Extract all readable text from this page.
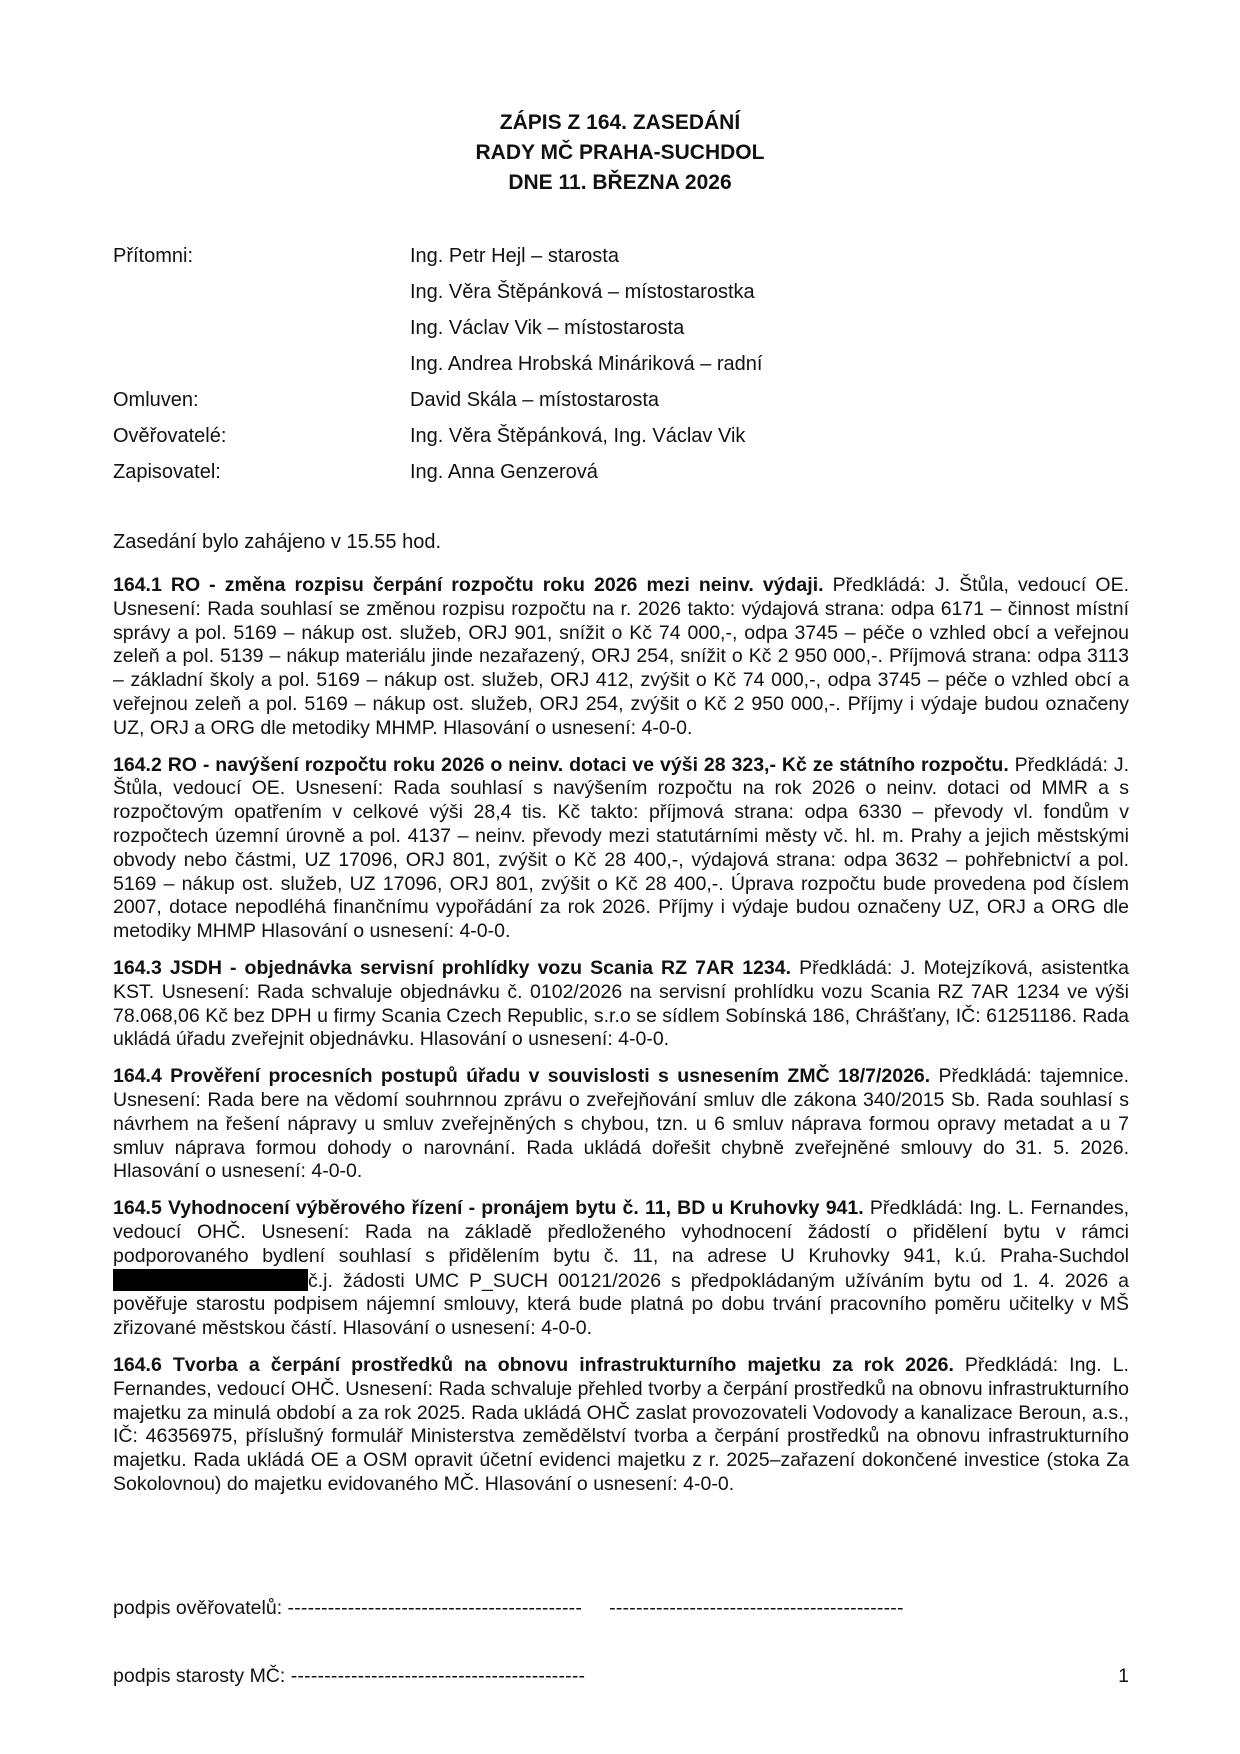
ZÁPIS Z 164. ZASEDÁNÍ
RADY MČ PRAHA-SUCHDOL
DNE 11. BŘEZNA 2026
Přítomni:	Ing. Petr Hejl – starosta
Ing. Věra Štěpánková – místostarostka
Ing. Václav Vik – místostarosta
Ing. Andrea Hrobská Mináriková – radní
Omluven:	David Skála – místostarosta
Ověřovatelé:	Ing. Věra Štěpánková, Ing. Václav Vik
Zapisovatel:	Ing. Anna Genzerová
Zasedání bylo zahájeno v 15.55 hod.

164.1 RO - změna rozpisu čerpání rozpočtu roku 2026 mezi neinv. výdaji. Předkládá: J. Štůla, vedoucí OE. Usnesení: Rada souhlasí se změnou rozpisu rozpočtu na r. 2026 takto: výdajová strana: odpa 6171 – činnost místní správy a pol. 5169 – nákup ost. služeb, ORJ 901, snížit o Kč 74 000,-, odpa 3745 – péče o vzhled obcí a veřejnou zeleň a pol. 5139 – nákup materiálu jinde nezařazený, ORJ 254, snížit o Kč 2 950 000,-. Příjmová strana: odpa 3113 – základní školy a pol. 5169 – nákup ost. služeb, ORJ 412, zvýšit o Kč 74 000,-, odpa 3745 – péče o vzhled obcí a veřejnou zeleň a pol. 5169 – nákup ost. služeb, ORJ 254, zvýšit o Kč 2 950 000,-. Příjmy i výdaje budou označeny UZ, ORJ a ORG dle metodiky MHMP. Hlasování o usnesení: 4-0-0.

164.2 RO - navýšení rozpočtu roku 2026 o neinv. dotaci ve výši 28 323,- Kč ze státního rozpočtu. Předkládá: J. Štůla, vedoucí OE. Usnesení: Rada souhlasí s navýšením rozpočtu na rok 2026 o neinv. dotaci od MMR a s rozpočtovým opatřením v celkové výši 28,4 tis. Kč takto: příjmová strana: odpa 6330 – převody vl. fondům v rozpočtech územní úrovně a pol. 4137 – neinv. převody mezi statutárními městy vč. hl. m. Prahy a jejich městskými obvody nebo částmi, UZ 17096, ORJ 801, zvýšit o Kč 28 400,-, výdajová strana: odpa 3632 – pohřebnictví a pol. 5169 – nákup ost. služeb, UZ 17096, ORJ 801, zvýšit o Kč 28 400,-. Úprava rozpočtu bude provedena pod číslem 2007, dotace nepodléhá finančnímu vypořádání za rok 2026. Příjmy i výdaje budou označeny UZ, ORJ a ORG dle metodiky MHMP Hlasování o usnesení: 4-0-0.

164.3 JSDH - objednávka servisní prohlídky vozu Scania RZ 7AR 1234. Předkládá: J. Motejzíková, asistentka KST. Usnesení: Rada schvaluje objednávku č. 0102/2026 na servisní prohlídku vozu Scania RZ 7AR 1234 ve výši 78.068,06 Kč bez DPH u firmy Scania Czech Republic, s.r.o se sídlem Sobínská 186, Chrášťany, IČ: 61251186. Rada ukládá úřadu zveřejnit objednávku. Hlasování o usnesení: 4-0-0.

164.4 Prověření procesních postupů úřadu v souvislosti s usnesením ZMČ 18/7/2026. Předkládá: tajemnice. Usnesení: Rada bere na vědomí souhrnnou zprávu o zveřejňování smluv dle zákona 340/2015 Sb. Rada souhlasí s návrhem na řešení nápravy u smluv zveřejněných s chybou, tzn. u 6 smluv náprava formou opravy metadat a u 7 smluv náprava formou dohody o narovnání. Rada ukládá dořešit chybně zveřejněné smlouvy do 31. 5. 2026. Hlasování o usnesení: 4-0-0.

164.5 Vyhodnocení výběrového řízení - pronájem bytu č. 11, BD u Kruhovky 941. Předkládá: Ing. L. Fernandes, vedoucí OHČ. Usnesení: Rada na základě předloženého vyhodnocení žádostí o přidělení bytu v rámci podporovaného bydlení souhlasí s přidělením bytu č. 11, na adrese U Kruhovky 941, k.ú. Praha-Suchdol č.j. žádosti UMC P_SUCH 00121/2026 s předpokládaným užíváním bytu od 1. 4. 2026 a pověřuje starostu podpisem nájemní smlouvy, která bude platná po dobu trvání pracovního poměru učitelky v MŠ zřizované městskou částí. Hlasování o usnesení: 4-0-0.

164.6 Tvorba a čerpání prostředků na obnovu infrastrukturního majetku za rok 2026. Předkládá: Ing. L. Fernandes, vedoucí OHČ. Usnesení: Rada schvaluje přehled tvorby a čerpání prostředků na obnovu infrastrukturního majetku za minulá období a za rok 2025. Rada ukládá OHČ zaslat provozovateli Vodovody a kanalizace Beroun, a.s., IČ: 46356975, příslušný formulář Ministerstva zemědělství tvorba a čerpání prostředků na obnovu infrastrukturního majetku. Rada ukládá OE a OSM opravit účetní evidenci majetku z r. 2025–zařazení dokončené investice (stoka Za Sokolovnou) do majetku evidovaného MČ. Hlasování o usnesení: 4-0-0.

podpis ověřovatelů: -------------------------------------------- --------------------------------------------
podpis starosty MČ: --------------------------------------------	1
